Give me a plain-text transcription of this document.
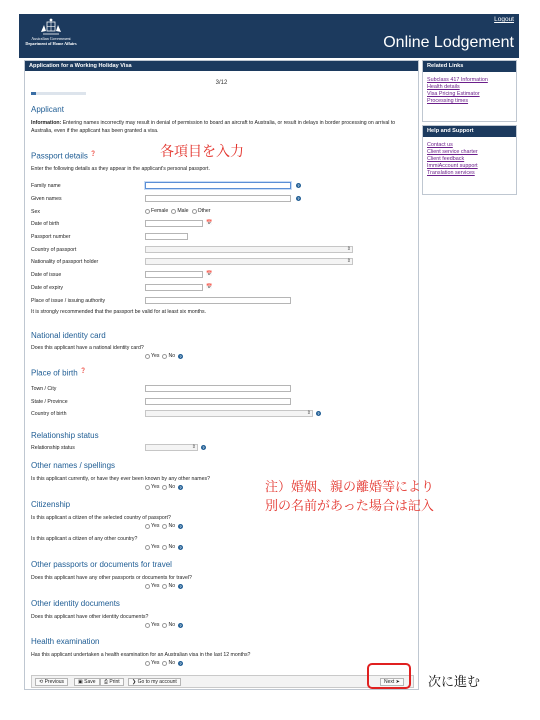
Australian Government
Department of Home Affairs
Logout
Online Lodgement
Application for a Working Holiday Visa
3/12
Applicant
Information: Entering names incorrectly may result in denial of permission to board an aircraft to Australia, or result in delays in border processing on arrival to Australia, even if the applicant has been granted a visa.
Passport details ❓
Enter the following details as they appear in the applicant's personal passport.
Family name	?
Given names	?
Sex	Female Male Other
Date of birth	📅
Passport number
Country of passport	⇕
Nationality of passport holder	⇕
Date of issue	📅
Date of expiry	📅
Place of issue / issuing authority
It is strongly recommended that the passport be valid for at least six months.
National identity card
Does this applicant have a national identity card?
Yes No	?
Place of birth ❓
Town / City
State / Province
Country of birth	⇕	?
Relationship status
Relationship status	⇕	?
Other names / spellings
Is this applicant currently, or have they ever been known by any other names?
Yes No	?
Citizenship
Is this applicant a citizen of the selected country of passport?
Yes No	?
Is this applicant a citizen of any other country?
Yes No	?
Other passports or documents for travel
Does this applicant have any other passports or documents for travel?
Yes No	?
Other identity documents
Does this applicant have other identity documents?
Yes No	?
Health examination
Has this applicant undertaken a health examination for an Australian visa in the last 12 months?
Yes No	?
⟲ Previous	▣ Save	⎙ Print	❯ Go to my account	Next ➤
Related Links
Subclass 417 Information
Health details
Visa Pricing Estimator
Processing times
Help and Support
Contact us
Client service charter
Client feedback
ImmiAccount support
Translation services
各項目を入力
注）婚姻、親の離婚等により
別の名前があった場合は記入
次に進む
